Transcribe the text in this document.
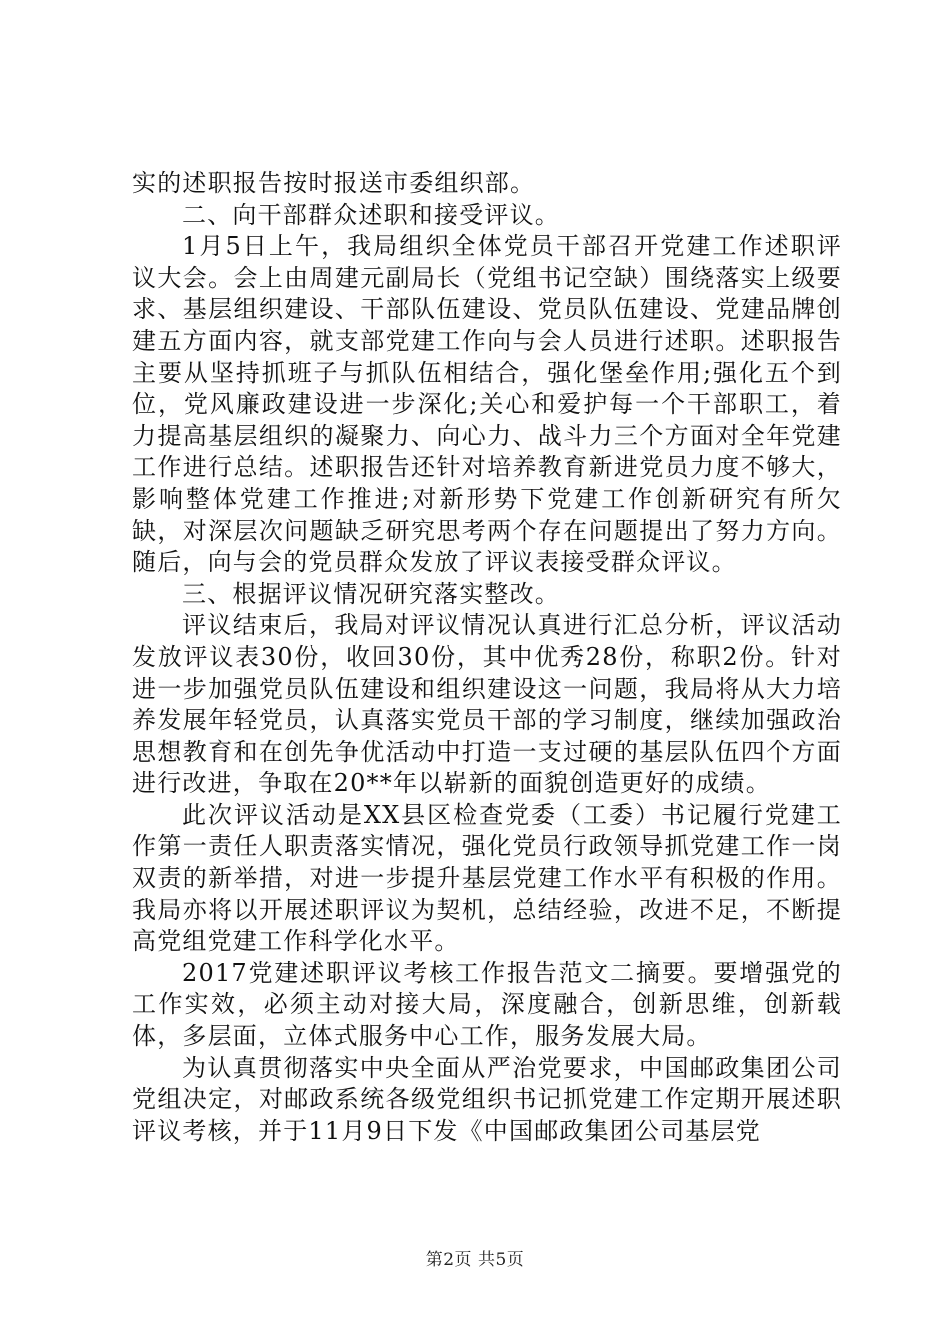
实的述职报告按时报送市委组织部。

二、向干部群众述职和接受评议。

1月5日上午，我局组织全体党员干部召开党建工作述职评议大会。会上由周建元副局长（党组书记空缺）围绕落实上级要求、基层组织建设、干部队伍建设、党员队伍建设、党建品牌创建五方面内容，就支部党建工作向与会人员进行述职。述职报告主要从坚持抓班子与抓队伍相结合，强化堡垒作用;强化五个到位，党风廉政建设进一步深化;关心和爱护每一个干部职工，着力提高基层组织的凝聚力、向心力、战斗力三个方面对全年党建工作进行总结。述职报告还针对培养教育新进党员力度不够大，影响整体党建工作推进;对新形势下党建工作创新研究有所欠缺，对深层次问题缺乏研究思考两个存在问题提出了努力方向。随后，向与会的党员群众发放了评议表接受群众评议。

三、根据评议情况研究落实整改。

评议结束后，我局对评议情况认真进行汇总分析，评议活动发放评议表30份，收回30份，其中优秀28份，称职2份。针对进一步加强党员队伍建设和组织建设这一问题，我局将从大力培养发展年轻党员，认真落实党员干部的学习制度，继续加强政治思想教育和在创先争优活动中打造一支过硬的基层队伍四个方面进行改进，争取在20**年以崭新的面貌创造更好的成绩。

此次评议活动是XX县区检查党委（工委）书记履行党建工作第一责任人职责落实情况，强化党员行政领导抓党建工作一岗双责的新举措，对进一步提升基层党建工作水平有积极的作用。我局亦将以开展述职评议为契机，总结经验，改进不足，不断提高党组党建工作科学化水平。

2017党建述职评议考核工作报告范文二摘要。要增强党的工作实效，必须主动对接大局，深度融合，创新思维，创新载体，多层面，立体式服务中心工作，服务发展大局。

为认真贯彻落实中央全面从严治党要求，中国邮政集团公司党组决定，对邮政系统各级党组织书记抓党建工作定期开展述职评议考核，并于11月9日下发《中国邮政集团公司基层党

第2页 共5页
